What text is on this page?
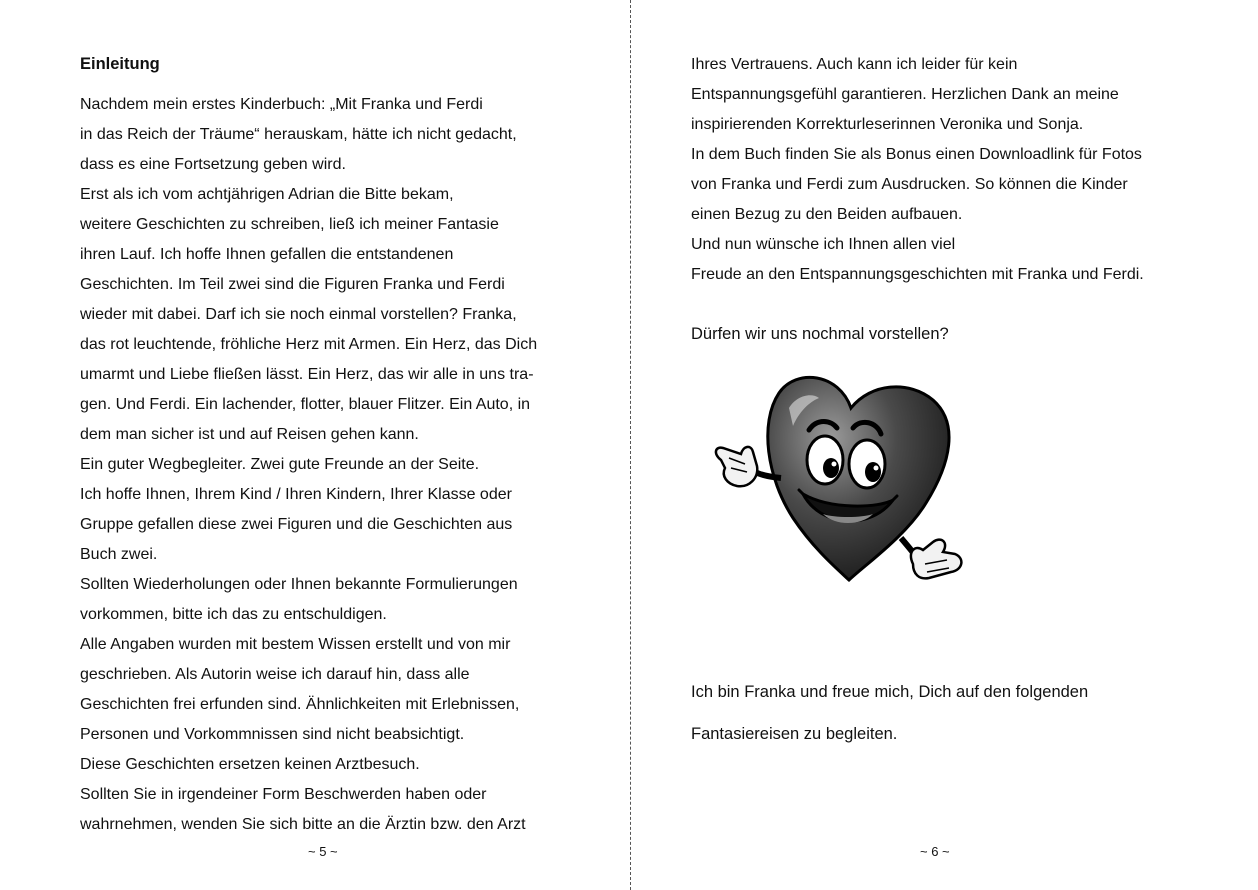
Einleitung
Nachdem mein erstes Kinderbuch: „Mit Franka und Ferdi
in das Reich der Träume“ herauskam, hätte ich nicht gedacht,
dass es eine Fortsetzung geben wird.
Erst als ich vom achtjährigen Adrian die Bitte bekam,
weitere Geschichten zu schreiben, ließ ich meiner Fantasie
ihren Lauf. Ich hoffe Ihnen gefallen die entstandenen
Geschichten. Im Teil zwei sind die Figuren Franka und Ferdi
wieder mit dabei. Darf ich sie noch einmal vorstellen? Franka,
das rot leuchtende, fröhliche Herz mit Armen. Ein Herz, das Dich
umarmt und Liebe fließen lässt. Ein Herz, das wir alle in uns tra-
gen. Und Ferdi. Ein lachender, flotter, blauer Flitzer. Ein Auto, in
dem man sicher ist und auf Reisen gehen kann.
Ein guter Wegbegleiter. Zwei gute Freunde an der Seite.
Ich hoffe Ihnen, Ihrem Kind / Ihren Kindern, Ihrer Klasse oder
Gruppe gefallen diese zwei Figuren und die Geschichten aus
Buch zwei.
Sollten Wiederholungen oder Ihnen bekannte Formulierungen
vorkommen, bitte ich das zu entschuldigen.
Alle Angaben wurden mit bestem Wissen erstellt und von mir
geschrieben. Als Autorin weise ich darauf hin, dass alle
Geschichten frei erfunden sind. Ähnlichkeiten mit Erlebnissen,
Personen und Vorkommnissen sind nicht beabsichtigt.
Diese Geschichten ersetzen keinen Arztbesuch.
Sollten Sie in irgendeiner Form Beschwerden haben oder
wahrnehmen, wenden Sie sich bitte an die Ärztin bzw. den Arzt
~ 5 ~
Ihres Vertrauens. Auch kann ich leider für kein
Entspannungsgefühl garantieren. Herzlichen Dank an meine
inspirierenden Korrekturleserinnen Veronika und Sonja.
In dem Buch finden Sie als Bonus einen Downloadlink für Fotos
von Franka und Ferdi zum Ausdrucken. So können die Kinder
einen Bezug zu den Beiden aufbauen.
Und nun wünsche ich Ihnen allen viel
Freude an den Entspannungsgeschichten mit Franka und Ferdi.
Dürfen wir uns nochmal vorstellen?
Ich bin Franka und freue mich, Dich auf den folgenden
Fantasiereisen zu begleiten.
~ 6 ~
